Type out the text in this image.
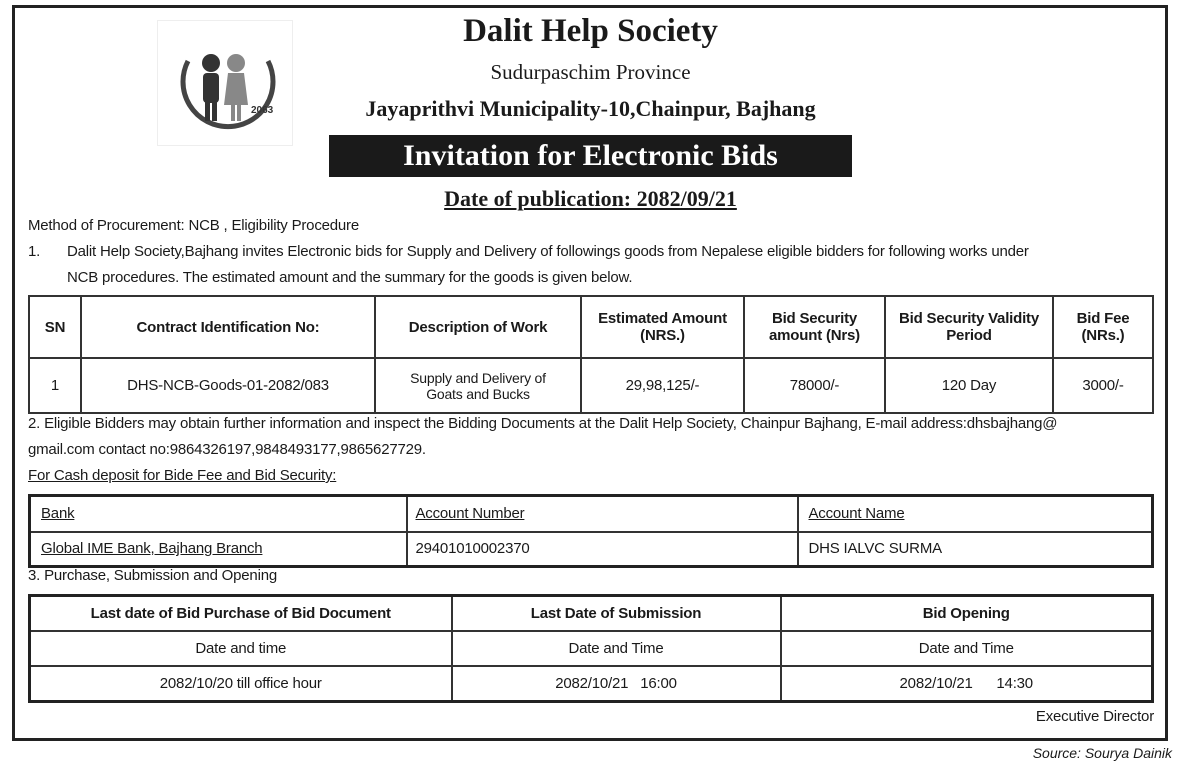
2063
Dalit Help Society
Sudurpaschim Province
Jayaprithvi Municipality-10,Chainpur, Bajhang
Invitation for Electronic Bids
Date of publication: 2082/09/21
Method of Procurement: NCB , Eligibility Procedure
1. Dalit Help Society,Bajhang invites Electronic bids for Supply and Delivery of followings goods from Nepalese eligible bidders for following works under
NCB procedures. The estimated amount and the summary for the goods is given below.
SN	Contract Identification No:	Description of Work	Estimated Amount (NRS.)	Bid Security amount (Nrs)	Bid Security Validity Period	Bid Fee (NRs.)
1	DHS-NCB-Goods-01-2082/083	Supply and Delivery of Goats and Bucks	29,98,125/-	78000/-	120 Day	3000/-
2. Eligible Bidders may obtain further information and inspect the Bidding Documents at the Dalit Help Society, Chainpur Bajhang, E-mail address:dhsbajhang@
gmail.com contact no:9864326197,9848493177,9865627729.
For Cash deposit for Bide Fee and Bid Security:
Bank	Account Number	Account Name
Global IME Bank, Bajhang Branch	29401010002370	DHS IALVC SURMA
3. Purchase, Submission and Opening
Last date of Bid Purchase of Bid Document	Last Date of Submission	Bid Opening
Date and time	Date and Time	Date and Time
2082/10/20 till office hour	2082/10/21   16:00	2082/10/21      14:30
Executive Director
Source: Sourya Dainik
